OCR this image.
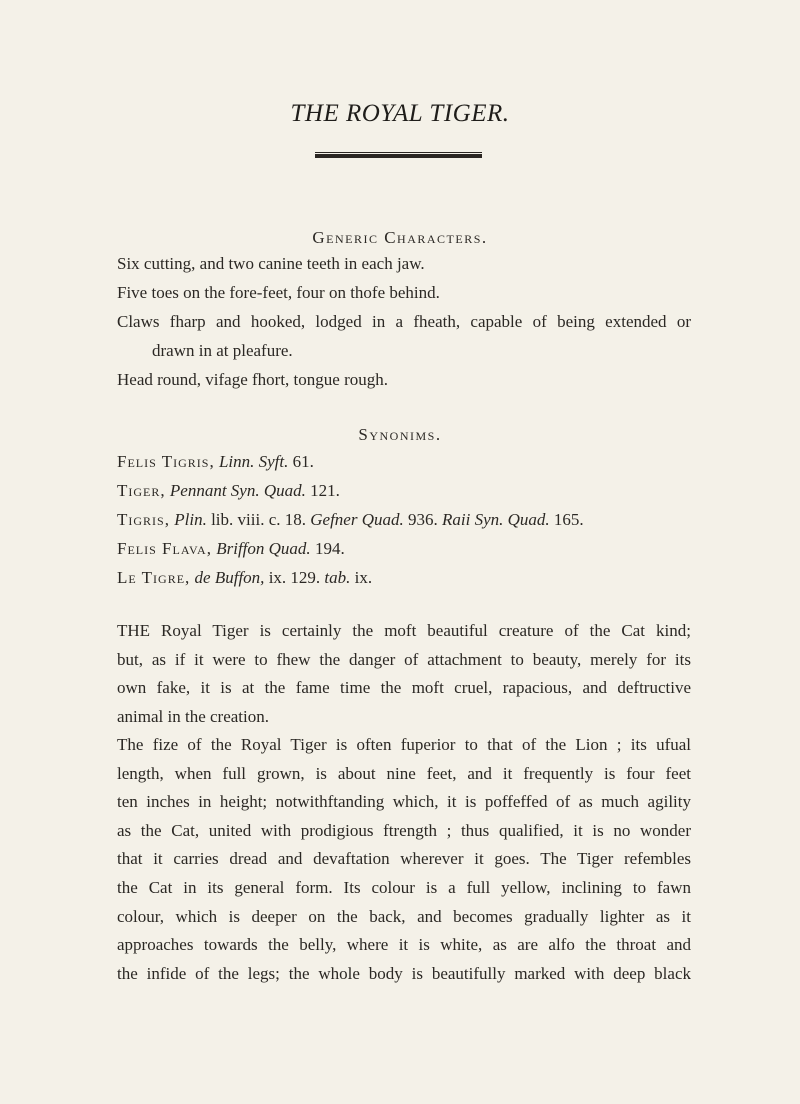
THE ROYAL TIGER.
Generic Characters.
Six cutting, and two canine teeth in each jaw.
Five toes on the fore-feet, four on thofe behind.
Claws fharp and hooked, lodged in a fheath, capable of being extended or
drawn in at pleafure.
Head round, vifage fhort, tongue rough.
Synonims.
Felis Tigris, Linn. Syft. 61.
Tiger, Pennant Syn. Quad. 121.
Tigris, Plin. lib. viii. c. 18. Gefner Quad. 936. Raii Syn. Quad. 165.
Felis Flava, Briffon Quad. 194.
Le Tigre, de Buffon, ix. 129. tab. ix.
THE Royal Tiger is certainly the moft beautiful creature of the Cat kind;
but, as if it were to fhew the danger of attachment to beauty, merely for its
own fake, it is at the fame time the moft cruel, rapacious, and deftructive
animal in the creation.
The fize of the Royal Tiger is often fuperior to that of the Lion ; its ufual
length, when full grown, is about nine feet, and it frequently is four feet
ten inches in height; notwithftanding which, it is poffeffed of as much agility
as the Cat, united with prodigious ftrength ; thus qualified, it is no wonder
that it carries dread and devaftation wherever it goes. The Tiger refembles
the Cat in its general form. Its colour is a full yellow, inclining to fawn
colour, which is deeper on the back, and becomes gradually lighter as it
approaches towards the belly, where it is white, as are alfo the throat and
the infide of the legs; the whole body is beautifully marked with deep black
